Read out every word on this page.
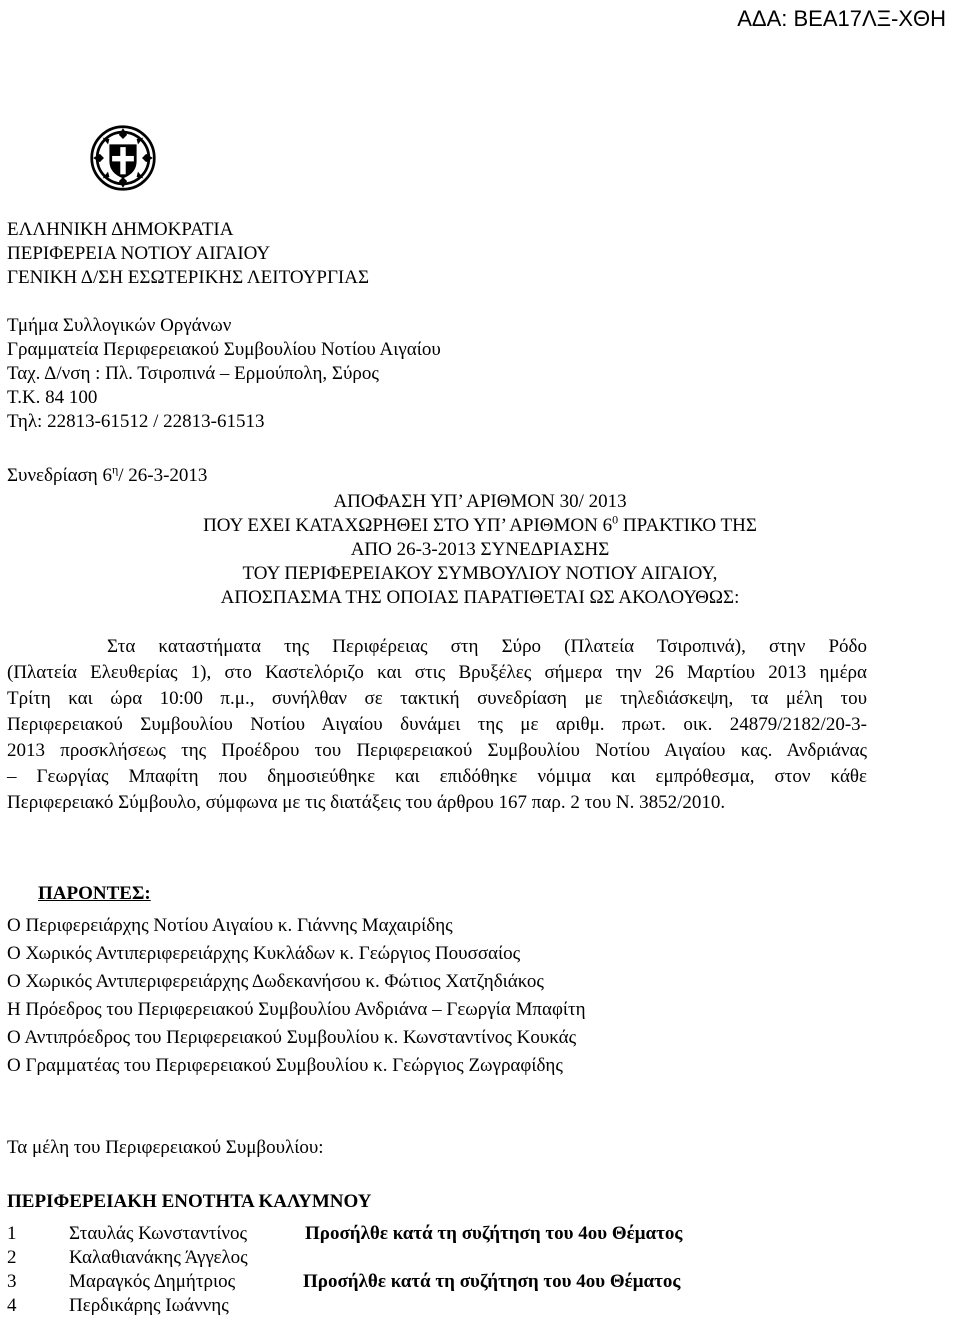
ΑΔΑ: ΒΕΑ17ΛΞ-ΧΘΗ
ΕΛΛΗΝΙΚΗ ΔΗΜΟΚΡΑΤΙΑ
ΠΕΡΙΦΕΡΕΙΑ ΝΟΤΙΟΥ ΑΙΓΑΙΟΥ
ΓΕΝΙΚΗ Δ/ΣΗ ΕΣΩΤΕΡΙΚΗΣ ΛΕΙΤΟΥΡΓΙΑΣ
Τμήμα Συλλογικών Οργάνων
Γραμματεία Περιφερειακού Συμβουλίου Νοτίου Αιγαίου
Ταχ. Δ/νση : Πλ. Τσιροπινά – Ερμούπολη, Σύρος
Τ.Κ. 84 100
Τηλ: 22813-61512 / 22813-61513
Συνεδρίαση $6^\eta/$ 26-3-2013
ΑΠΟΦΑΣΗ ΥΠ’ ΑΡΙΘΜΟΝ 30/ 2013
ΠΟΥ ΕΧΕΙ ΚΑΤΑΧΩΡΗΘΕΙ ΣΤΟ ΥΠ’ ΑΡΙΘΜΟΝ $6^0$ ΠΡΑΚΤΙΚΟ ΤΗΣ
ΑΠΟ 26-3-2013 ΣΥΝΕΔΡΙΑΣΗΣ
ΤΟΥ ΠΕΡΙΦΕΡΕΙΑΚΟΥ ΣΥΜΒΟΥΛΙΟΥ ΝΟΤΙΟΥ ΑΙΓΑΙΟΥ,
ΑΠΟΣΠΑΣΜΑ ΤΗΣ ΟΠΟΙΑΣ ΠΑΡΑΤΙΘΕΤΑΙ ΩΣ ΑΚΟΛΟΥΘΩΣ:
Στα καταστήματα της Περιφέρειας στη Σύρο (Πλατεία Τσιροπινά), στην Ρόδο
(Πλατεία Ελευθερίας 1), στο Καστελόριζο και στις Βρυξέλες σήμερα την 26 Μαρτίου 2013 ημέρα
Τρίτη και ώρα 10:00 π.μ., συνήλθαν σε τακτική συνεδρίαση με τηλεδιάσκεψη, τα μέλη του
Περιφερειακού Συμβουλίου Νοτίου Αιγαίου δυνάμει της με αριθμ. πρωτ. οικ. 24879/2182/20-3-
2013 προσκλήσεως της Προέδρου του Περιφερειακού Συμβουλίου Νοτίου Αιγαίου κας. Ανδριάνας
– Γεωργίας Μπαφίτη που δημοσιεύθηκε και επιδόθηκε νόμιμα και εμπρόθεσμα, στον κάθε
Περιφερειακό Σύμβουλο, σύμφωνα με τις διατάξεις του άρθρου 167 παρ. 2 του Ν. 3852/2010.
ΠΑΡΟΝΤΕΣ:
Ο Περιφερειάρχης Νοτίου Αιγαίου κ. Γιάννης Μαχαιρίδης
Ο Χωρικός Αντιπεριφερειάρχης Κυκλάδων κ. Γεώργιος Πουσσαίος
Ο Χωρικός Αντιπεριφερειάρχης Δωδεκανήσου κ. Φώτιος Χατζηδιάκος
Η Πρόεδρος του Περιφερειακού Συμβουλίου Ανδριάνα – Γεωργία Μπαφίτη
Ο Αντιπρόεδρος του Περιφερειακού Συμβουλίου κ. Κωνσταντίνος Κουκάς
Ο Γραμματέας του Περιφερειακού Συμβουλίου κ. Γεώργιος Ζωγραφίδης
Τα μέλη του Περιφερειακού Συμβουλίου:
ΠΕΡΙΦΕΡΕΙΑΚΗ ΕΝΟΤΗΤΑ ΚΑΛΥΜΝΟΥ
1	Σταυλάς Κωνσταντίνος	Προσήλθε κατά τη συζήτηση του 4ου Θέματος
2	Καλαθιανάκης Άγγελος
3	Μαραγκός Δημήτριος	Προσήλθε κατά τη συζήτηση του 4ου Θέματος
4	Περδικάρης Ιωάννης
